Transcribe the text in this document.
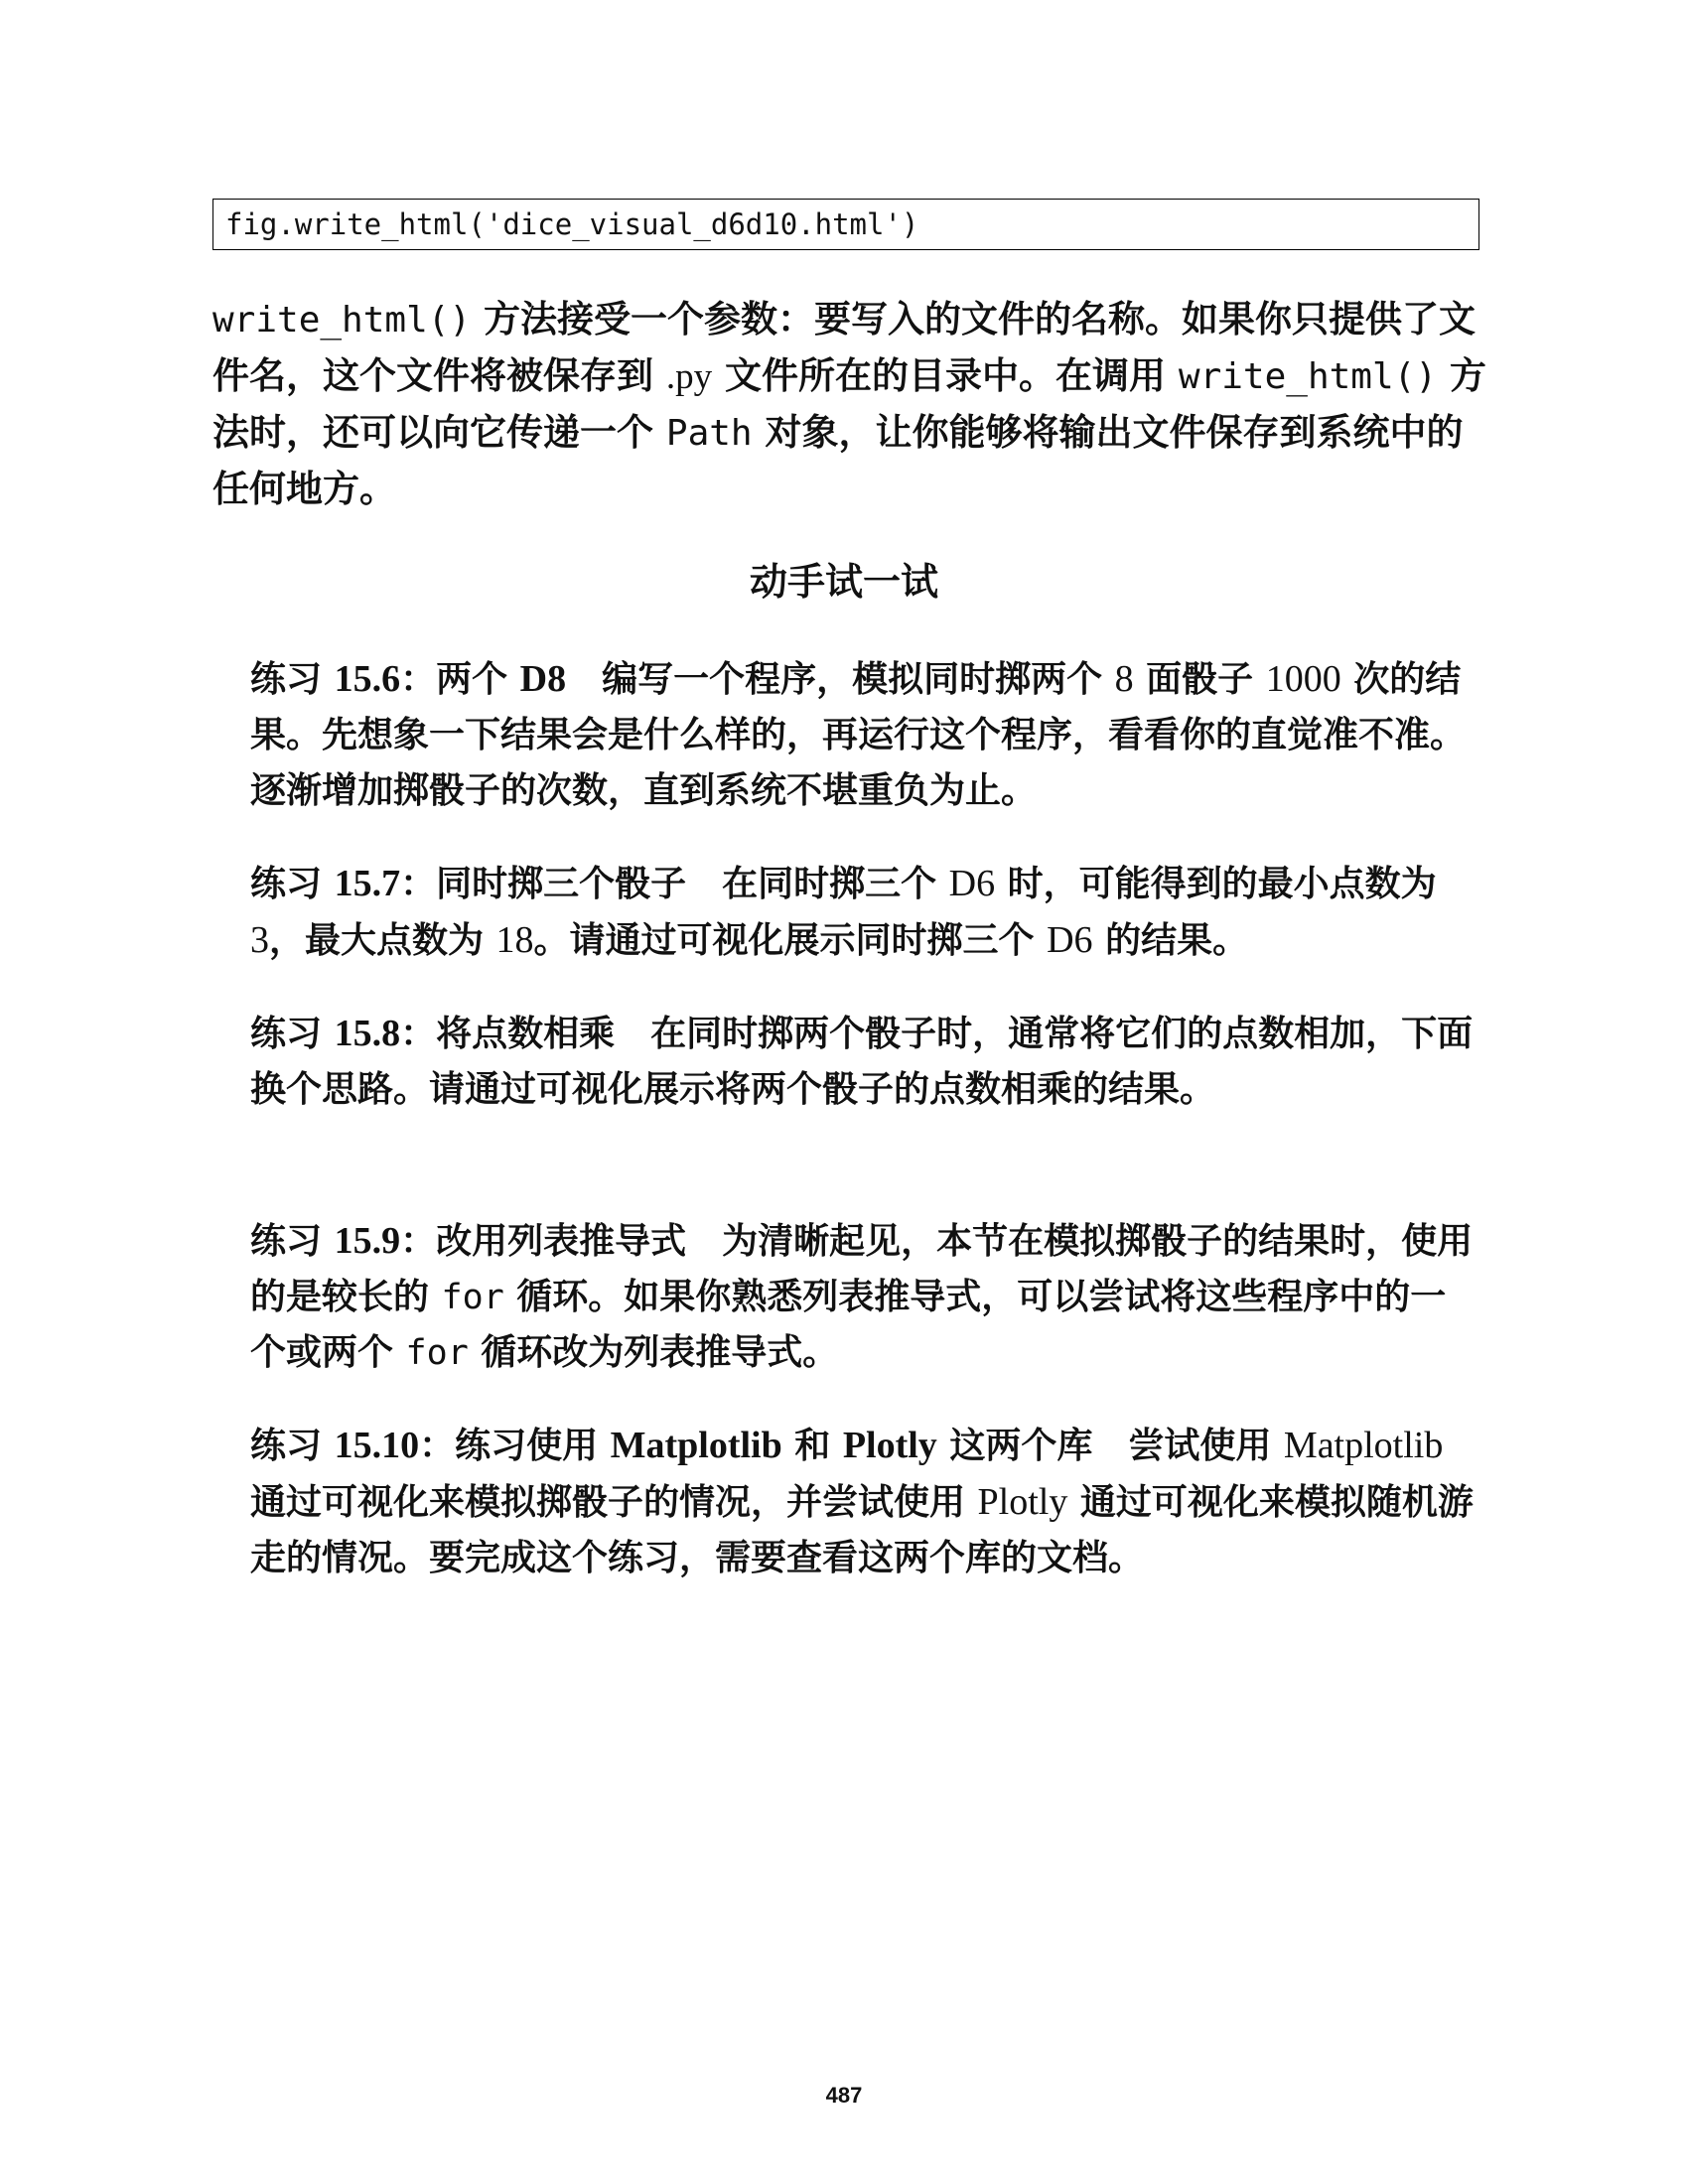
fig.write_html('dice_visual_d6d10.html')

write_html() 方法接受一个参数：要写入的文件的名称。如果你只提供了文件名，这个文件将被保存到 .py 文件所在的目录中。在调用 write_html() 方法时，还可以向它传递一个 Path 对象，让你能够将输出文件保存到系统中的任何地方。

动手试一试

练习 15.6：两个 D8 编写一个程序，模拟同时掷两个 8 面骰子 1000 次的结果。先想象一下结果会是什么样的，再运行这个程序，看看你的直觉准不准。逐渐增加掷骰子的次数，直到系统不堪重负为止。

练习 15.7：同时掷三个骰子 在同时掷三个 D6 时，可能得到的最小点数为 3，最大点数为 18。请通过可视化展示同时掷三个 D6 的结果。

练习 15.8：将点数相乘 在同时掷两个骰子时，通常将它们的点数相加，下面换个思路。请通过可视化展示将两个骰子的点数相乘的结果。

练习 15.9：改用列表推导式 为清晰起见，本节在模拟掷骰子的结果时，使用的是较长的 for 循环。如果你熟悉列表推导式，可以尝试将这些程序中的一个或两个 for 循环改为列表推导式。

练习 15.10：练习使用 Matplotlib 和 Plotly 这两个库 尝试使用 Matplotlib 通过可视化来模拟掷骰子的情况，并尝试使用 Plotly 通过可视化来模拟随机游走的情况。要完成这个练习，需要查看这两个库的文档。

487
